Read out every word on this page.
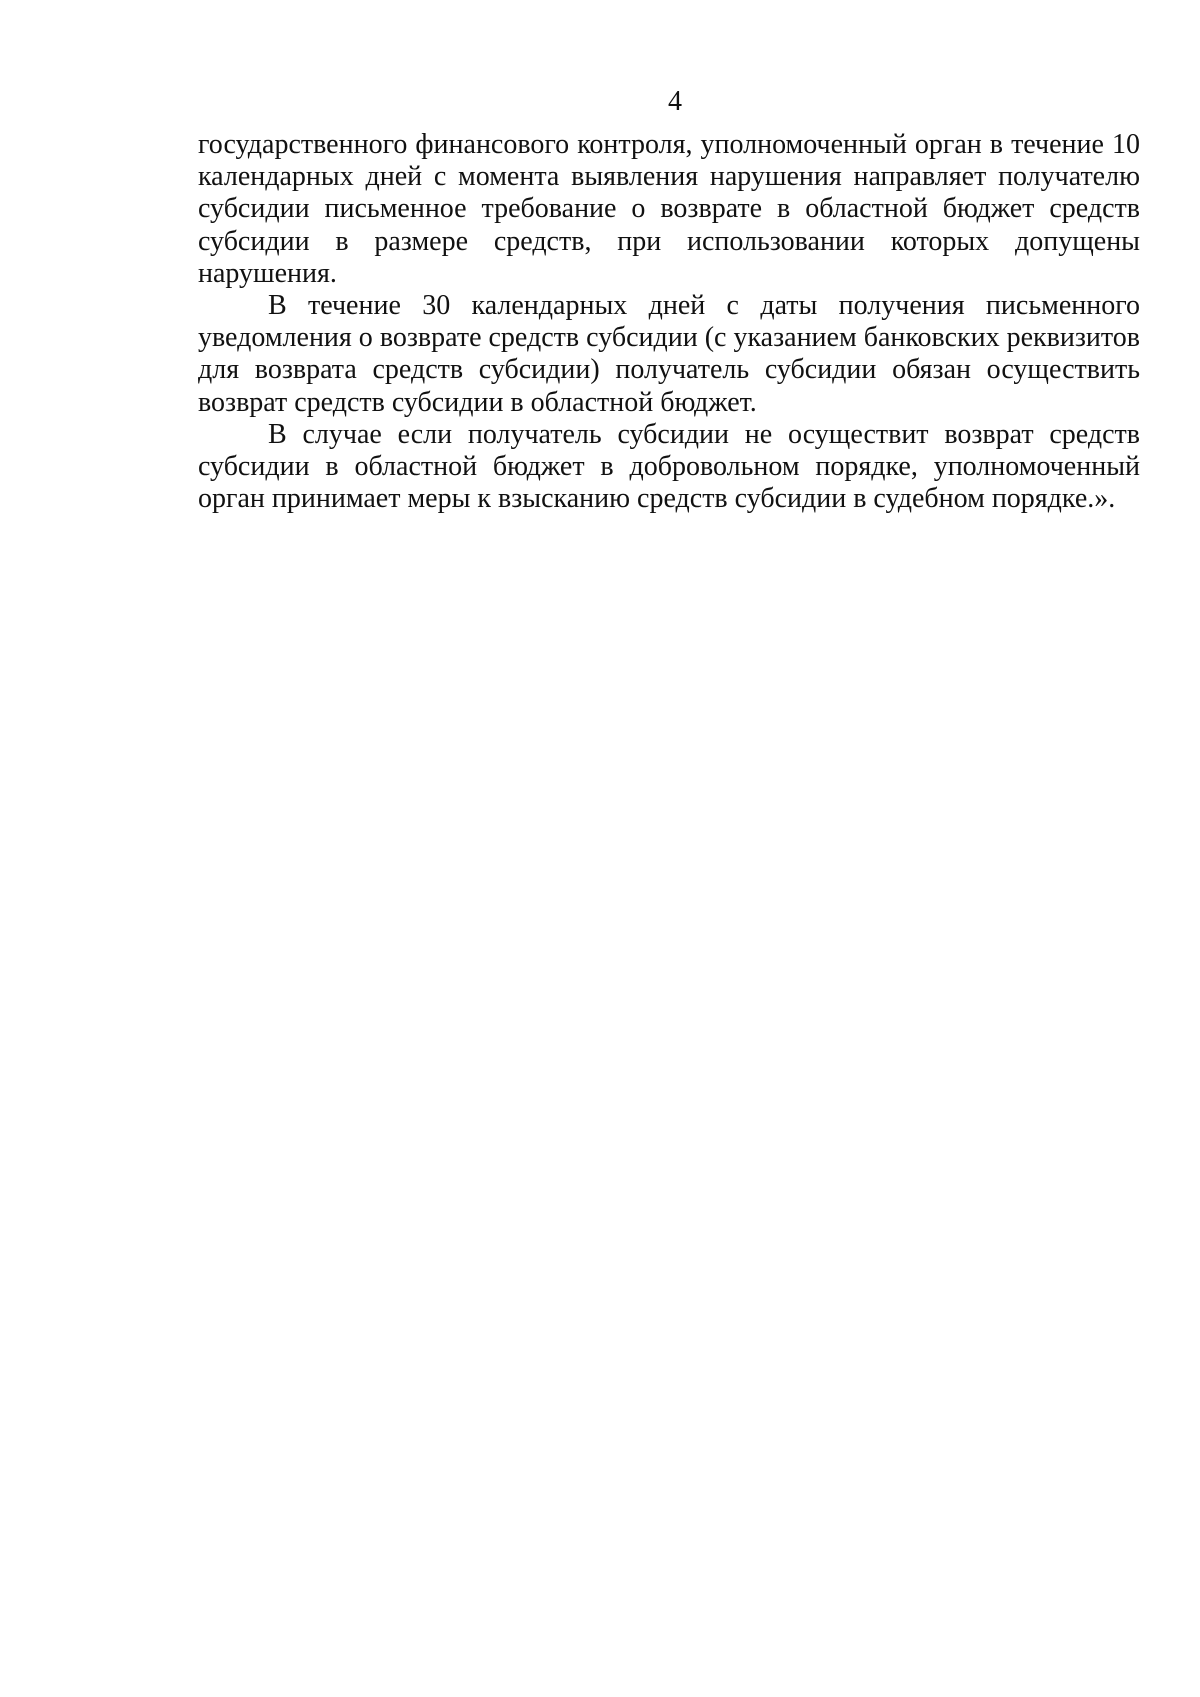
4

государственного финансового контроля, уполномоченный орган в течение 10 календарных дней с момента выявления нарушения направляет получателю субсидии письменное требование о возврате в областной бюджет средств субсидии в размере средств, при использовании которых допущены нарушения.

В течение 30 календарных дней с даты получения письменного уведомления о возврате средств субсидии (с указанием банковских реквизитов для возврата средств субсидии) получатель субсидии обязан осуществить возврат средств субсидии в областной бюджет.

В случае если получатель субсидии не осуществит возврат средств субсидии в областной бюджет в добровольном порядке, уполномоченный орган принимает меры к взысканию средств субсидии в судебном порядке.».
